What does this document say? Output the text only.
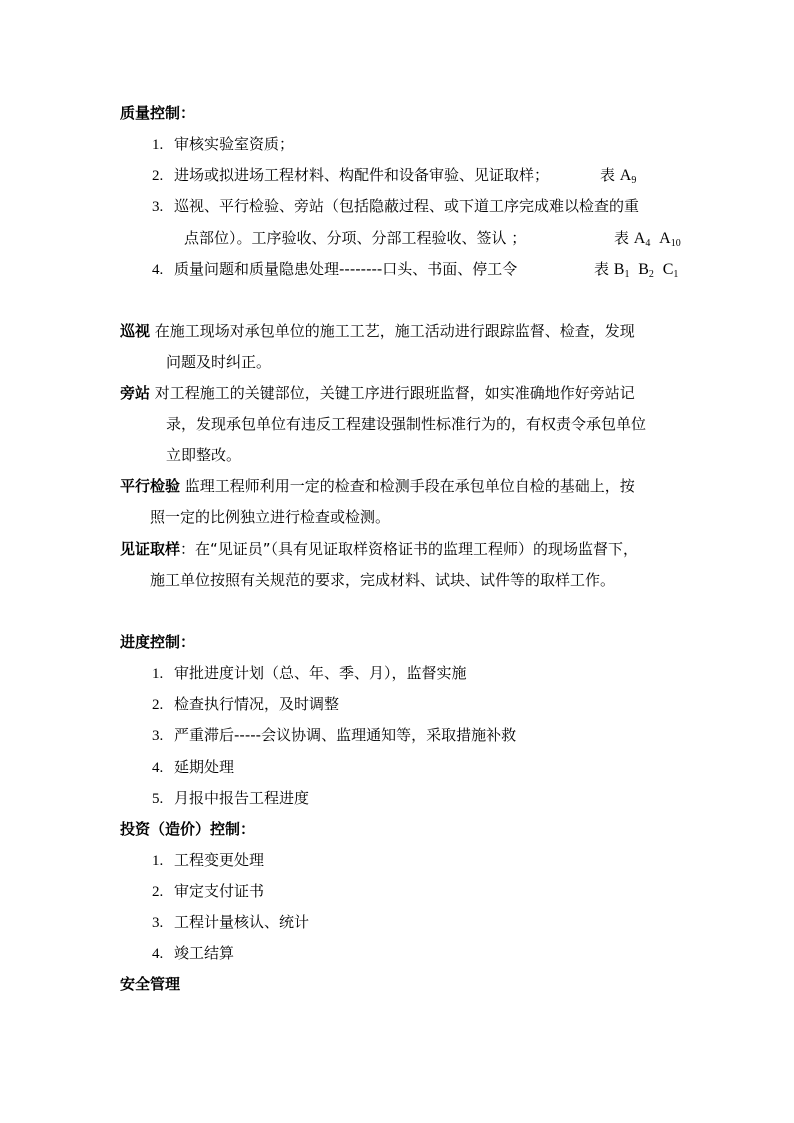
质量控制：
1. 审核实验室资质；
2. 进场或拟进场工程材料、构配件和设备审验、见证取样；	表 $A_9$
3. 巡视、平行检验、旁站（包括隐蔽过程、或下道工序完成难以检查的重
点部位）。工序验收、分项、分部工程验收、签认 ；	表 $A_4$ $A_{10}$
4. 质量问题和质量隐患处理--------口头、书面、停工令	表 $B_1$ $B_2$ $C_1$
巡视 在施工现场对承包单位的施工工艺，施工活动进行跟踪监督、检查，发现
问题及时纠正。
旁站 对工程施工的关键部位，关键工序进行跟班监督，如实准确地作好旁站记
录，发现承包单位有违反工程建设强制性标准行为的，有权责令承包单位
立即整改。
平行检验 监理工程师利用一定的检查和检测手段在承包单位自检的基础上，按
照一定的比例独立进行检查或检测。
见证取样：在“见证员”（具有见证取样资格证书的监理工程师）的现场监督下，
施工单位按照有关规范的要求，完成材料、试块、试件等的取样工作。
进度控制：
1. 审批进度计划（总、年、季、月），监督实施
2. 检查执行情况，及时调整
3. 严重滞后-----会议协调、监理通知等，采取措施补救
4. 延期处理
5. 月报中报告工程进度
投资（造价）控制：
1. 工程变更处理
2. 审定支付证书
3. 工程计量核认、统计
4. 竣工结算
安全管理
